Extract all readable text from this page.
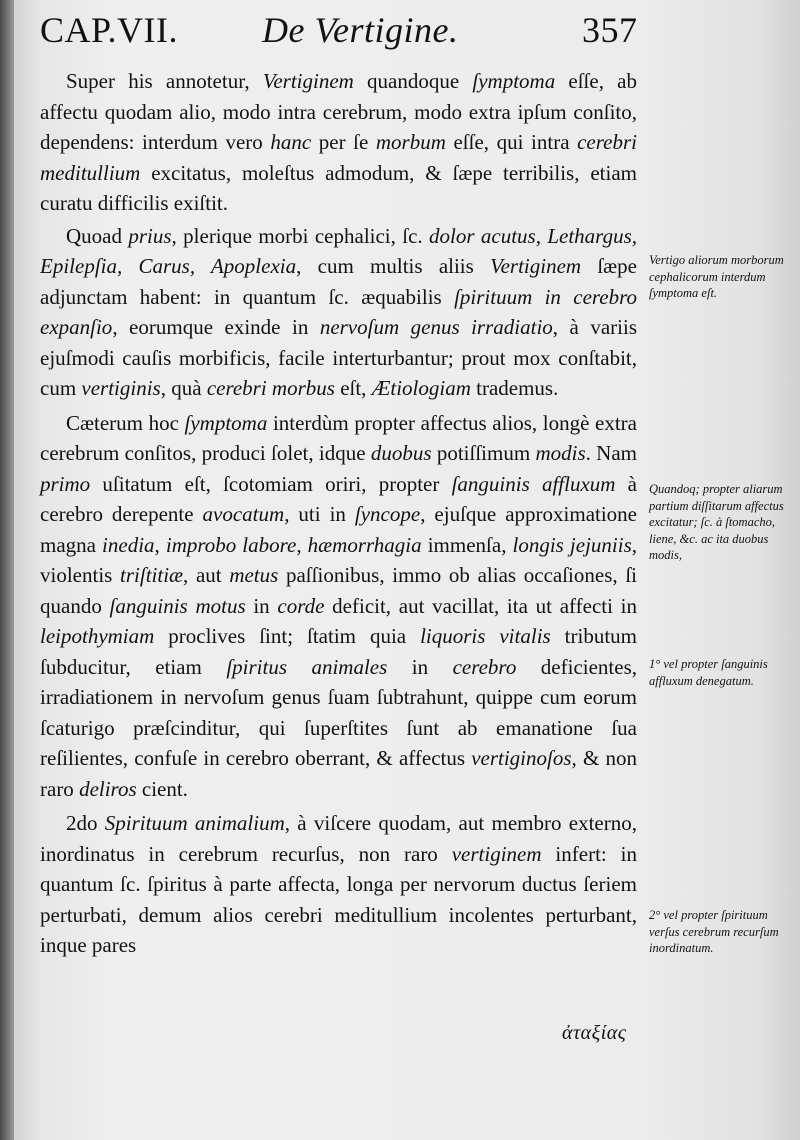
CAP.VII. De Vertigine.	357

Super his annotetur, Vertiginem quandoque ſymptoma eſſe, ab affectu quodam alio, modo intra cerebrum, modo extra ipſum conſito, dependens: interdum vero hanc per ſe morbum eſſe, qui intra cerebri meditullium excitatus, moleſtus admodum, & ſæpe terribilis, etiam curatu difficilis exiſtit.

Quoad prius, plerique morbi cephalici, ſc. dolor acutus, Lethargus, Epilepſia, Carus, Apoplexia, cum multis aliis Vertiginem ſæpe adjunctam habent: in quantum ſc. æquabilis ſpirituum in cerebro expanſio, eorumque exinde in nervoſum genus irradiatio, à variis ejuſmodi cauſis morbificis, facile interturbantur; prout mox conſtabit, cum vertiginis, quà cerebri morbus eſt, Ætiologiam trademus.

Cæterum hoc ſymptoma interdùm propter affectus alios, longè extra cerebrum conſitos, produci ſolet, idque duobus potiſſimum modis. Nam primo uſitatum eſt, ſcotomiam oriri, propter ſanguinis affluxum à cerebro derepente avocatum, uti in ſyncope, ejuſque approximatione magna inedia, improbo labore, hæmorrhagia immenſa, longis jejuniis, violentis triſtitiæ, aut metus paſſionibus, immo ob alias occaſiones, ſi quando ſanguinis motus in corde deficit, aut vacillat, ita ut affecti in leipothymiam proclives ſint; ſtatim quia liquoris vitalis tributum ſubducitur, etiam ſpiritus animales in cerebro deficientes, irradiationem in nervoſum genus ſuam ſubtrahunt, quippe cum eorum ſcaturigo præſcinditur, qui ſuperſtites ſunt ab emanatione ſua reſilientes, confuſe in cerebro oberrant, & affectus vertiginoſos, & non raro deliros cient.

2do Spirituum animalium, à viſcere quodam, aut membro externo, inordinatus in cerebrum recurſus, non raro vertiginem infert: in quantum ſc. ſpiritus à parte affecta, longa per nervorum ductus ſeriem perturbati, demum alios cerebri meditullium incolentes perturbant, inque pares

Vertigo aliorum morborum cephalicorum interdum ſymptoma eſt.
Quandoq; propter aliarum partium diſſitarum affectus excitatur; ſc. à ſtomacho, liene, &c. ac ita duobus modis,
1° vel propter ſanguinis affluxum denegatum.
2° vel propter ſpirituum verſus cerebrum recurſum inordinatum.
ἀταξίας
